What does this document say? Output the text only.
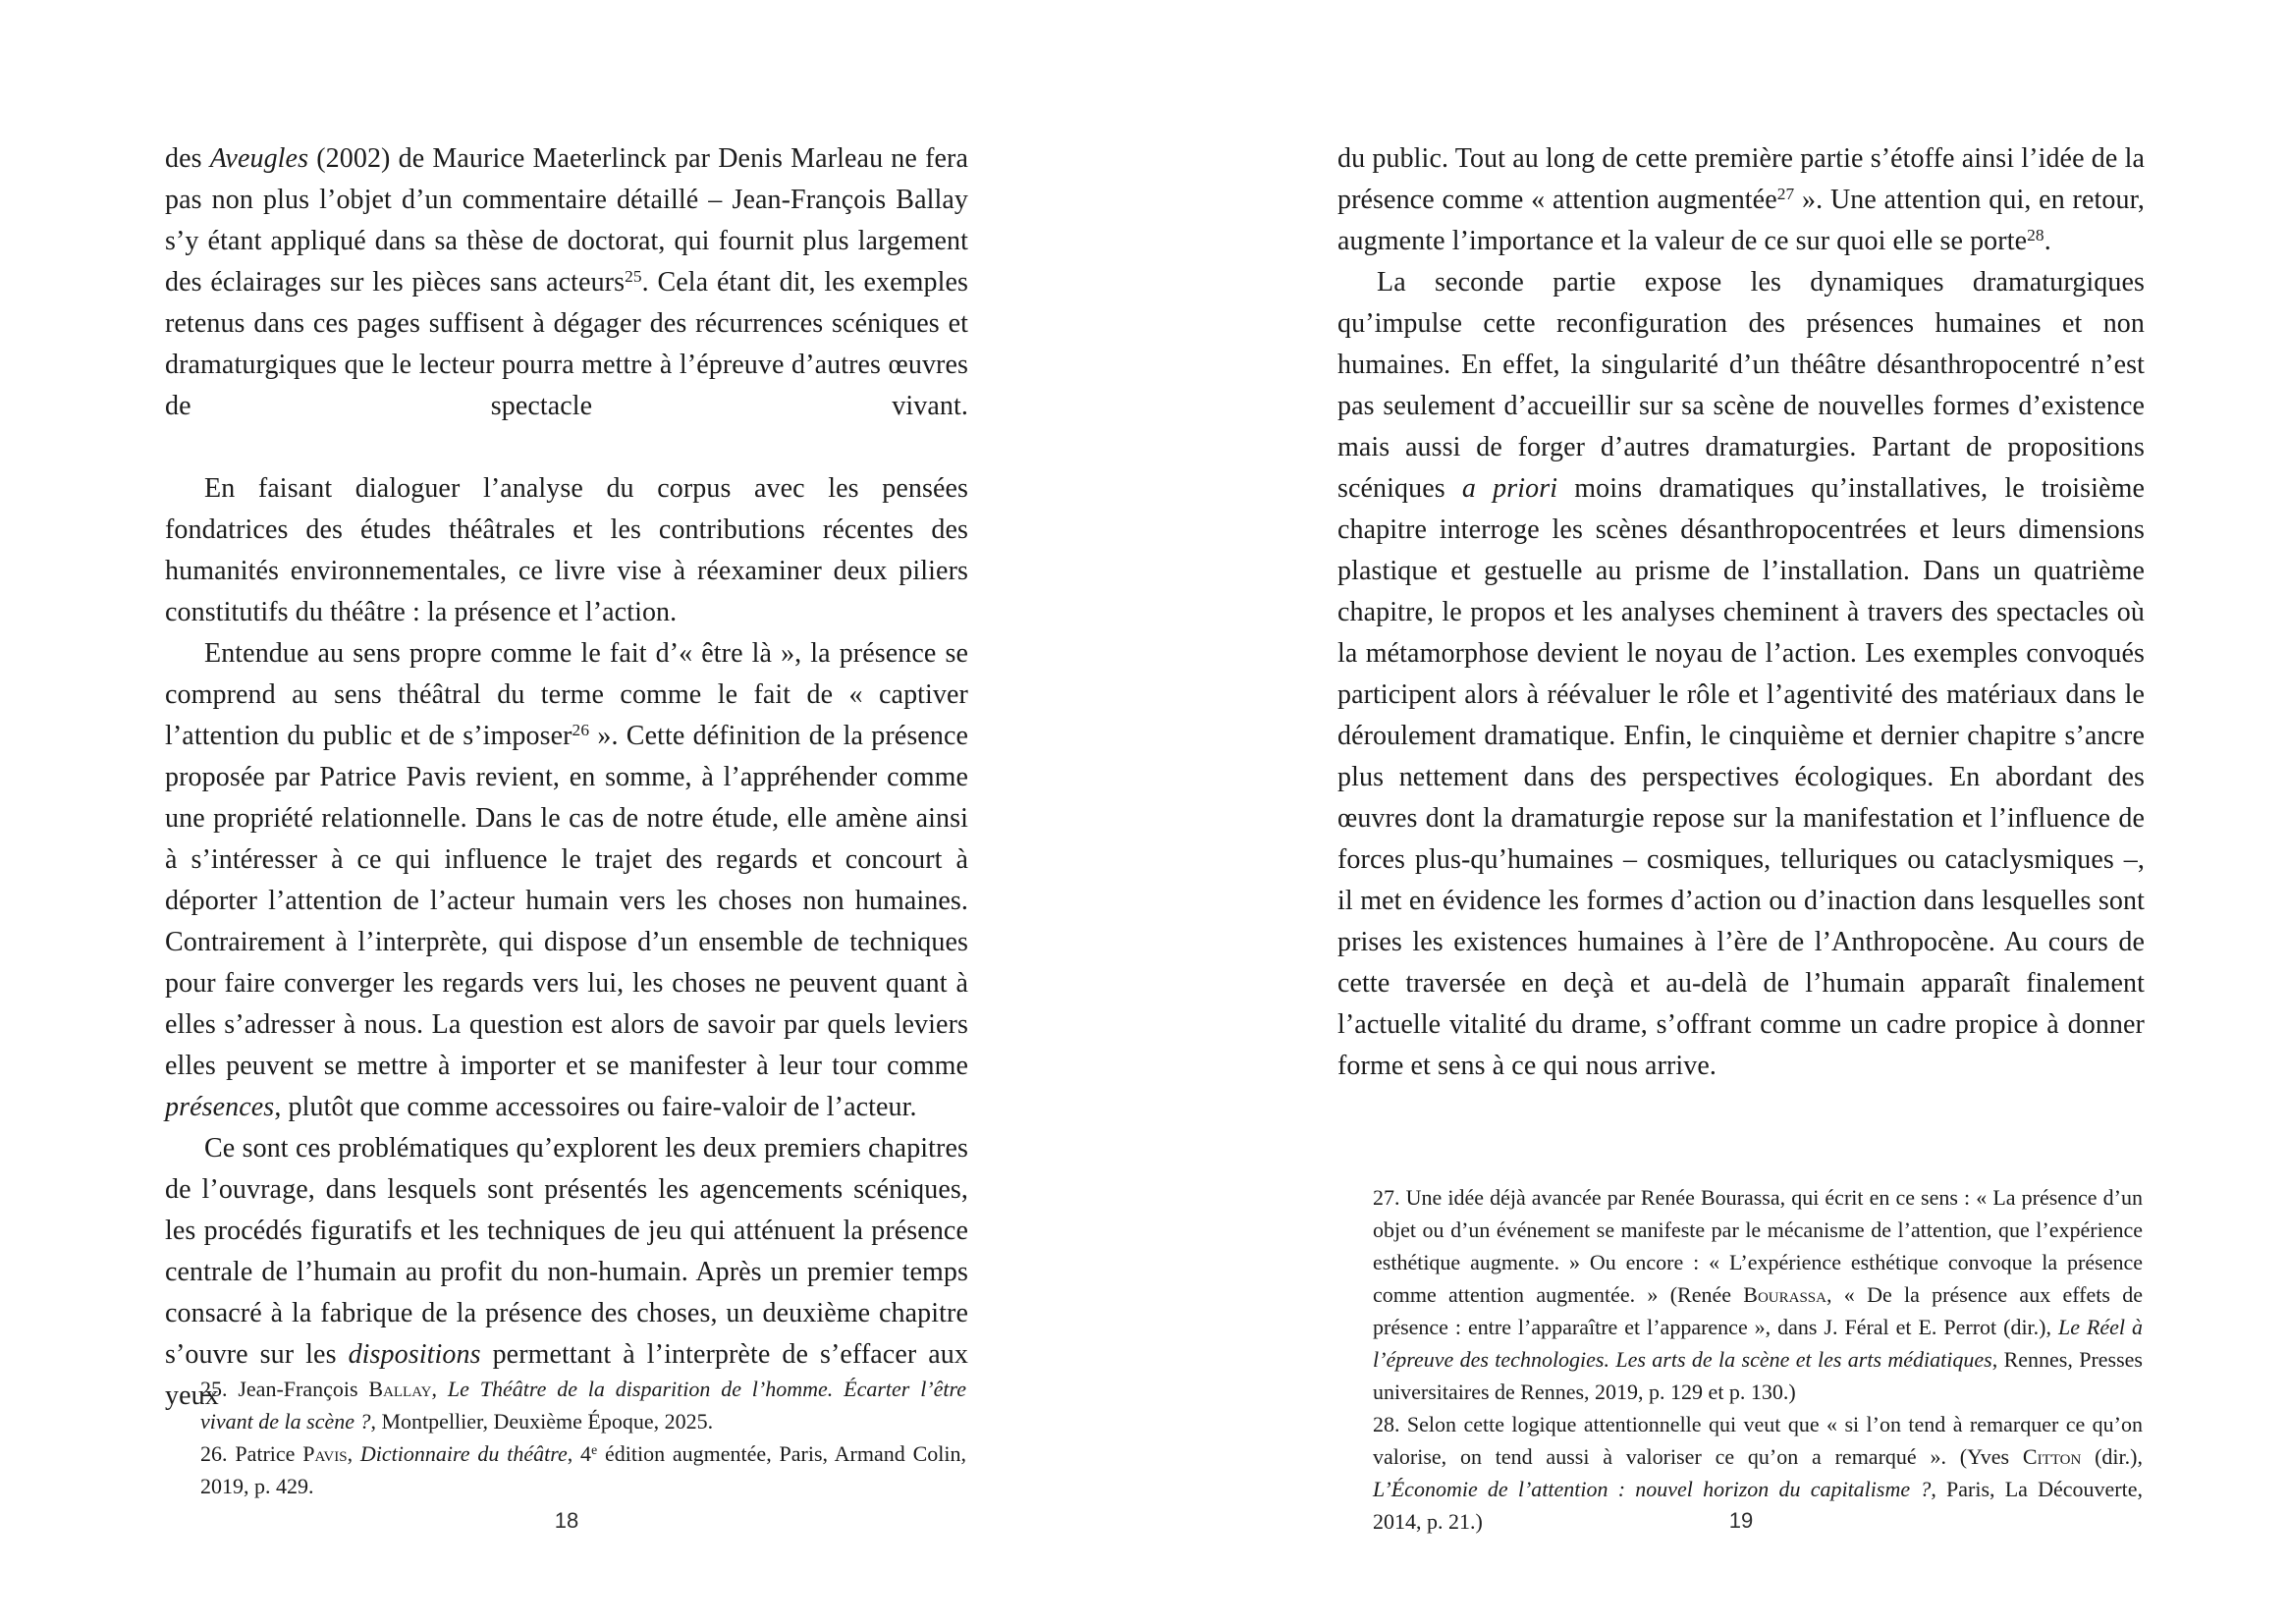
des Aveugles (2002) de Maurice Maeterlinck par Denis Marleau ne fera pas non plus l’objet d’un commentaire détaillé – Jean-François Ballay s’y étant appliqué dans sa thèse de doctorat, qui fournit plus largement des éclairages sur les pièces sans acteurs$^{25}$. Cela étant dit, les exemples retenus dans ces pages suffisent à dégager des récurrences scéniques et dramaturgiques que le lecteur pourra mettre à l’épreuve d’autres œuvres de spectacle vivant.

En faisant dialoguer l’analyse du corpus avec les pensées fondatrices des études théâtrales et les contributions récentes des humanités environnementales, ce livre vise à réexaminer deux piliers constitutifs du théâtre : la présence et l’action.

Entendue au sens propre comme le fait d’« être là », la présence se comprend au sens théâtral du terme comme le fait de « captiver l’attention du public et de s’imposer$^{26}$ ». Cette définition de la présence proposée par Patrice Pavis revient, en somme, à l’appréhender comme une propriété relationnelle. Dans le cas de notre étude, elle amène ainsi à s’intéresser à ce qui influence le trajet des regards et concourt à déporter l’attention de l’acteur humain vers les choses non humaines. Contrairement à l’interprète, qui dispose d’un ensemble de techniques pour faire converger les regards vers lui, les choses ne peuvent quant à elles s’adresser à nous. La question est alors de savoir par quels leviers elles peuvent se mettre à importer et se manifester à leur tour comme présences, plutôt que comme accessoires ou faire-valoir de l’acteur.

Ce sont ces problématiques qu’explorent les deux premiers chapitres de l’ouvrage, dans lesquels sont présentés les agencements scéniques, les procédés figuratifs et les techniques de jeu qui atténuent la présence centrale de l’humain au profit du non-humain. Après un premier temps consacré à la fabrique de la présence des choses, un deuxième chapitre s’ouvre sur les dispositions permettant à l’interprète de s’effacer aux yeux

25. Jean-François Ballay, Le Théâtre de la disparition de l’homme. Écarter l’être vivant de la scène ?, Montpellier, Deuxième Époque, 2025.

26. Patrice Pavis, Dictionnaire du théâtre, 4e édition augmentée, Paris, Armand Colin, 2019, p. 429.

18

du public. Tout au long de cette première partie s’étoffe ainsi l’idée de la présence comme « attention augmentée$^{27}$ ». Une attention qui, en retour, augmente l’importance et la valeur de ce sur quoi elle se porte$^{28}$.

La seconde partie expose les dynamiques dramaturgiques qu’impulse cette reconfiguration des présences humaines et non humaines. En effet, la singularité d’un théâtre désanthropocentré n’est pas seulement d’accueillir sur sa scène de nouvelles formes d’existence mais aussi de forger d’autres dramaturgies. Partant de propositions scéniques a priori moins dramatiques qu’installatives, le troisième chapitre interroge les scènes désanthropocentrées et leurs dimensions plastique et gestuelle au prisme de l’installation. Dans un quatrième chapitre, le propos et les analyses cheminent à travers des spectacles où la métamorphose devient le noyau de l’action. Les exemples convoqués participent alors à réévaluer le rôle et l’agentivité des matériaux dans le déroulement dramatique. Enfin, le cinquième et dernier chapitre s’ancre plus nettement dans des perspectives écologiques. En abordant des œuvres dont la dramaturgie repose sur la manifestation et l’influence de forces plus-qu’humaines – cosmiques, telluriques ou cataclysmiques –, il met en évidence les formes d’action ou d’inaction dans lesquelles sont prises les existences humaines à l’ère de l’Anthropocène. Au cours de cette traversée en deçà et au-delà de l’humain apparaît finalement l’actuelle vitalité du drame, s’offrant comme un cadre propice à donner forme et sens à ce qui nous arrive.

27. Une idée déjà avancée par Renée Bourassa, qui écrit en ce sens : « La présence d’un objet ou d’un événement se manifeste par le mécanisme de l’attention, que l’expérience esthétique augmente. » Ou encore : « L’expérience esthétique convoque la présence comme attention augmentée. » (Renée Bourassa, « De la présence aux effets de présence : entre l’apparaître et l’apparence », dans J. Féral et E. Perrot (dir.), Le Réel à l’épreuve des technologies. Les arts de la scène et les arts médiatiques, Rennes, Presses universitaires de Rennes, 2019, p. 129 et p. 130.)

28. Selon cette logique attentionnelle qui veut que « si l’on tend à remarquer ce qu’on valorise, on tend aussi à valoriser ce qu’on a remarqué ». (Yves Citton (dir.), L’Économie de l’attention : nouvel horizon du capitalisme ?, Paris, La Découverte, 2014, p. 21.)	19
